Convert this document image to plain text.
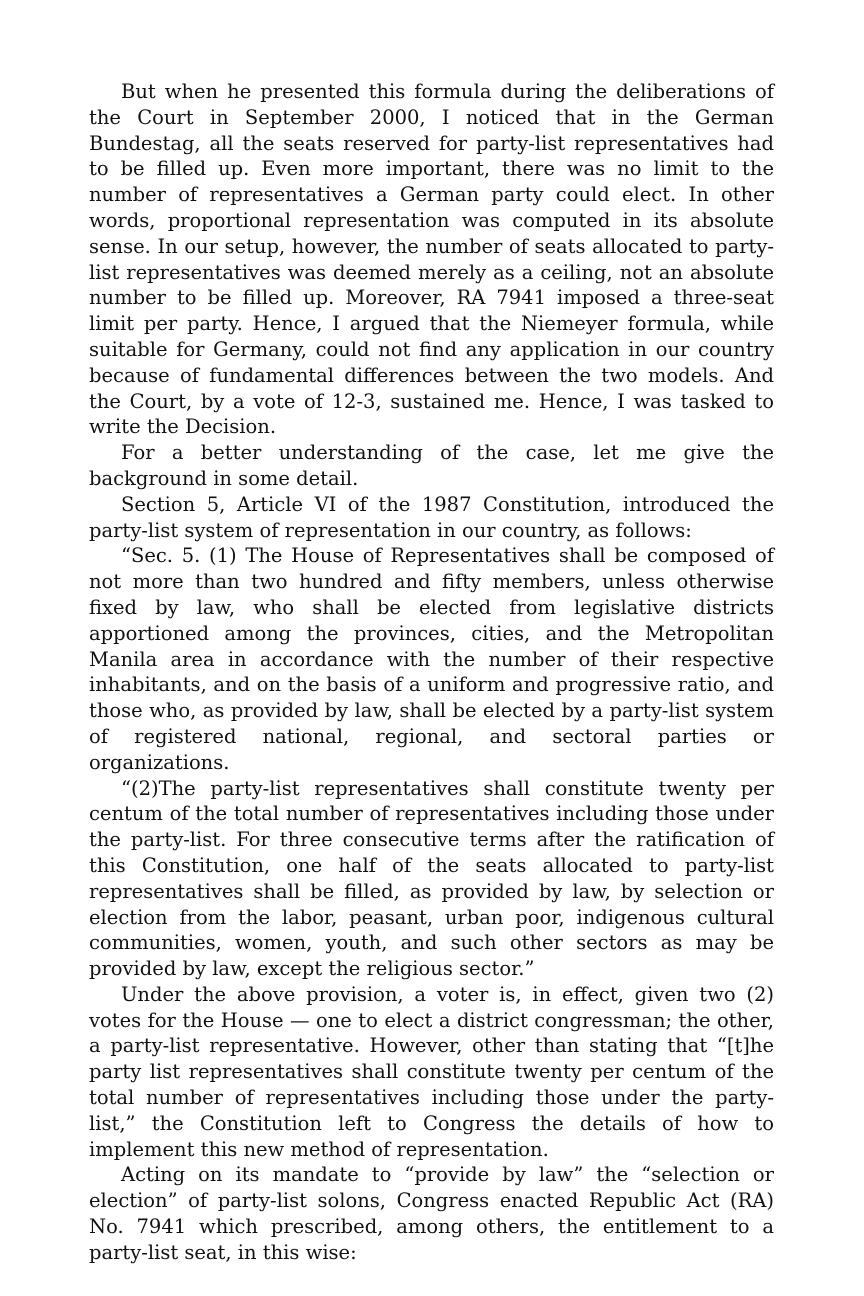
But when he presented this formula during the deliberations of the Court in September 2000, I noticed that in the German Bundestag, all the seats reserved for party-list representatives had to be filled up. Even more important, there was no limit to the number of representatives a German party could elect. In other words, proportional representation was computed in its absolute sense. In our setup, however, the number of seats allocated to party-list representatives was deemed merely as a ceiling, not an absolute number to be filled up. Moreover, RA 7941 imposed a three-seat limit per party. Hence, I argued that the Niemeyer formula, while suitable for Germany, could not find any application in our country because of fundamental differences between the two models. And the Court, by a vote of 12-3, sustained me. Hence, I was tasked to write the Decision.

For a better understanding of the case, let me give the background in some detail.

Section 5, Article VI of the 1987 Constitution, introduced the party-list system of representation in our country, as follows:

“Sec. 5. (1) The House of Representatives shall be composed of not more than two hundred and fifty members, unless otherwise fixed by law, who shall be elected from legislative districts apportioned among the provinces, cities, and the Metropolitan Manila area in accordance with the number of their respective inhabitants, and on the basis of a uniform and progressive ratio, and those who, as provided by law, shall be elected by a party-list system of registered national, regional, and sectoral parties or organizations.

“(2)The party-list representatives shall constitute twenty per centum of the total number of representatives including those under the party-list. For three consecutive terms after the ratification of this Constitution, one half of the seats allocated to party-list representatives shall be filled, as provided by law, by selection or election from the labor, peasant, urban poor, indigenous cultural communities, women, youth, and such other sectors as may be provided by law, except the religious sector.”

Under the above provision, a voter is, in effect, given two (2) votes for the House — one to elect a district congressman; the other, a party-list representative. However, other than stating that “[t]he party list representatives shall constitute twenty per centum of the total number of representatives including those under the party-list,” the Constitution left to Congress the details of how to implement this new method of representation.

Acting on its mandate to “provide by law” the “selection or election” of party-list solons, Congress enacted Republic Act (RA) No. 7941 which prescribed, among others, the entitlement to a party-list seat, in this wise:
